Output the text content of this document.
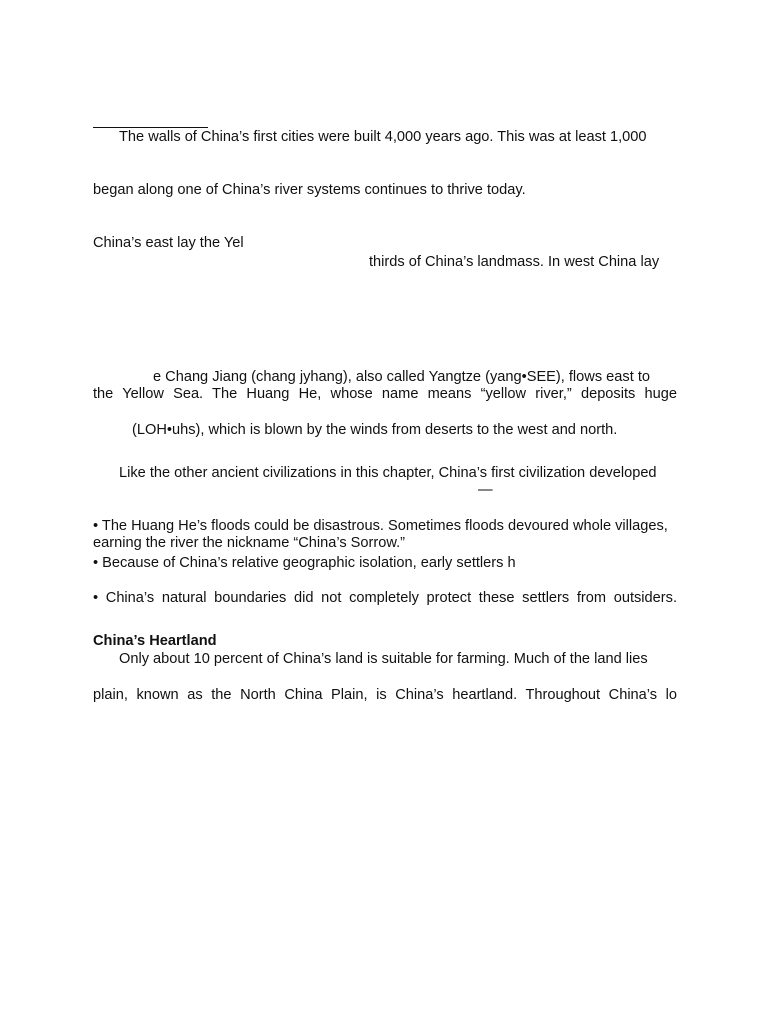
The walls of China’s first cities were built 4,000 years ago. This was at least 1,000
began along one of China’s river systems continues to thrive today.
China’s east lay the Yel
thirds of China’s landmass. In west China lay
e Chang Jiang (chang jyhang), also called Yangtze (yang•SEE), flows east to
the Yellow Sea. The Huang He, whose name means “yellow river,” deposits huge
(LOH•uhs), which is blown by the winds from deserts to the west and north.
Like the other ancient civilizations in this chapter, China’s first civilization developed
—
• The Huang He’s floods could be disastrous. Sometimes floods devoured whole villages,
earning the river the nickname “China’s Sorrow.”
• Because of China’s relative geographic isolation, early settlers h
• China’s natural boundaries did not completely protect these settlers from outsiders.
China’s Heartland
Only about 10 percent of China’s land is suitable for farming. Much of the land lies
plain, known as the North China Plain, is China’s heartland. Throughout China’s lo
